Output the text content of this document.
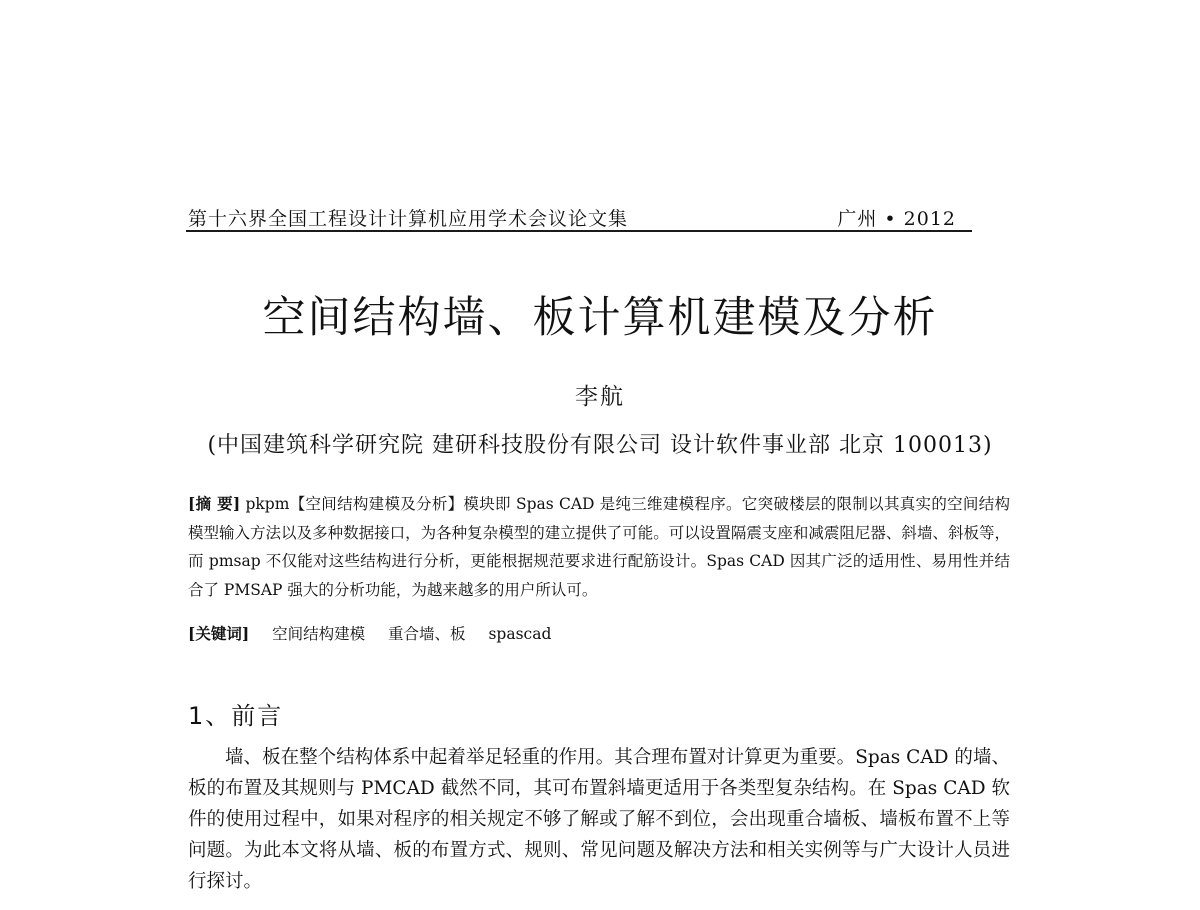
第十六界全国工程设计计算机应用学术会议论文集	广州 • 2012
空间结构墙、板计算机建模及分析
李航
(中国建筑科学研究院 建研科技股份有限公司 设计软件事业部 北京 100013)
[摘 要] pkpm【空间结构建模及分析】模块即 Spas CAD 是纯三维建模程序。它突破楼层的限制以其真实的空间结构模型输入方法以及多种数据接口，为各种复杂模型的建立提供了可能。可以设置隔震支座和减震阻尼器、斜墙、斜板等，而 pmsap 不仅能对这些结构进行分析，更能根据规范要求进行配筋设计。Spas CAD 因其广泛的适用性、易用性并结合了 PMSAP 强大的分析功能，为越来越多的用户所认可。
[关键词] 空间结构建模 重合墙、板 spascad
1、前言

墙、板在整个结构体系中起着举足轻重的作用。其合理布置对计算更为重要。Spas CAD 的墙、板的布置及其规则与 PMCAD 截然不同，其可布置斜墙更适用于各类型复杂结构。在 Spas CAD 软件的使用过程中，如果对程序的相关规定不够了解或了解不到位，会出现重合墙板、墙板布置不上等问题。为此本文将从墙、板的布置方式、规则、常见问题及解决方法和相关实例等与广大设计人员进行探讨。
